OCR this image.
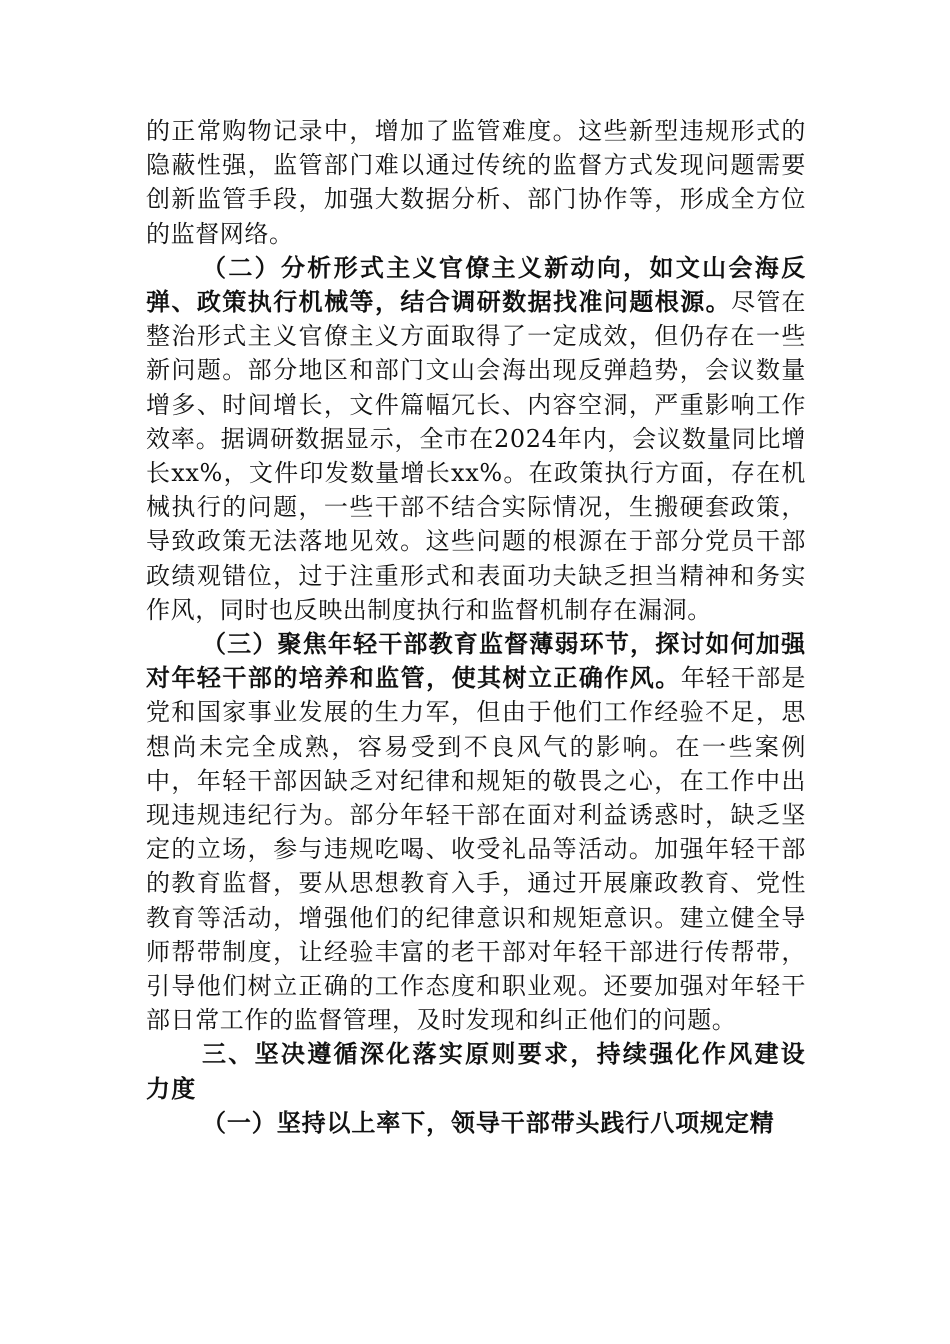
的正常购物记录中，增加了监管难度。这些新型违规形式的隐蔽性强，监管部门难以通过传统的监督方式发现问题需要创新监管手段，加强大数据分析、部门协作等，形成全方位的监督网络。

（二）分析形式主义官僚主义新动向，如文山会海反弹、政策执行机械等，结合调研数据找准问题根源。尽管在整治形式主义官僚主义方面取得了一定成效，但仍存在一些新问题。部分地区和部门文山会海出现反弹趋势，会议数量增多、时间增长，文件篇幅冗长、内容空洞，严重影响工作效率。据调研数据显示，全市在2024年内，会议数量同比增长xx%，文件印发数量增长xx%。在政策执行方面，存在机械执行的问题，一些干部不结合实际情况，生搬硬套政策，导致政策无法落地见效。这些问题的根源在于部分党员干部政绩观错位，过于注重形式和表面功夫缺乏担当精神和务实作风，同时也反映出制度执行和监督机制存在漏洞。

（三）聚焦年轻干部教育监督薄弱环节，探讨如何加强对年轻干部的培养和监管，使其树立正确作风。年轻干部是党和国家事业发展的生力军，但由于他们工作经验不足，思想尚未完全成熟，容易受到不良风气的影响。在一些案例中，年轻干部因缺乏对纪律和规矩的敬畏之心，在工作中出现违规违纪行为。部分年轻干部在面对利益诱惑时，缺乏坚定的立场，参与违规吃喝、收受礼品等活动。加强年轻干部的教育监督，要从思想教育入手，通过开展廉政教育、党性教育等活动，增强他们的纪律意识和规矩意识。建立健全导师帮带制度，让经验丰富的老干部对年轻干部进行传帮带，引导他们树立正确的工作态度和职业观。还要加强对年轻干部日常工作的监督管理，及时发现和纠正他们的问题。

三、坚决遵循深化落实原则要求，持续强化作风建设力度

（一）坚持以上率下，领导干部带头践行八项规定精
